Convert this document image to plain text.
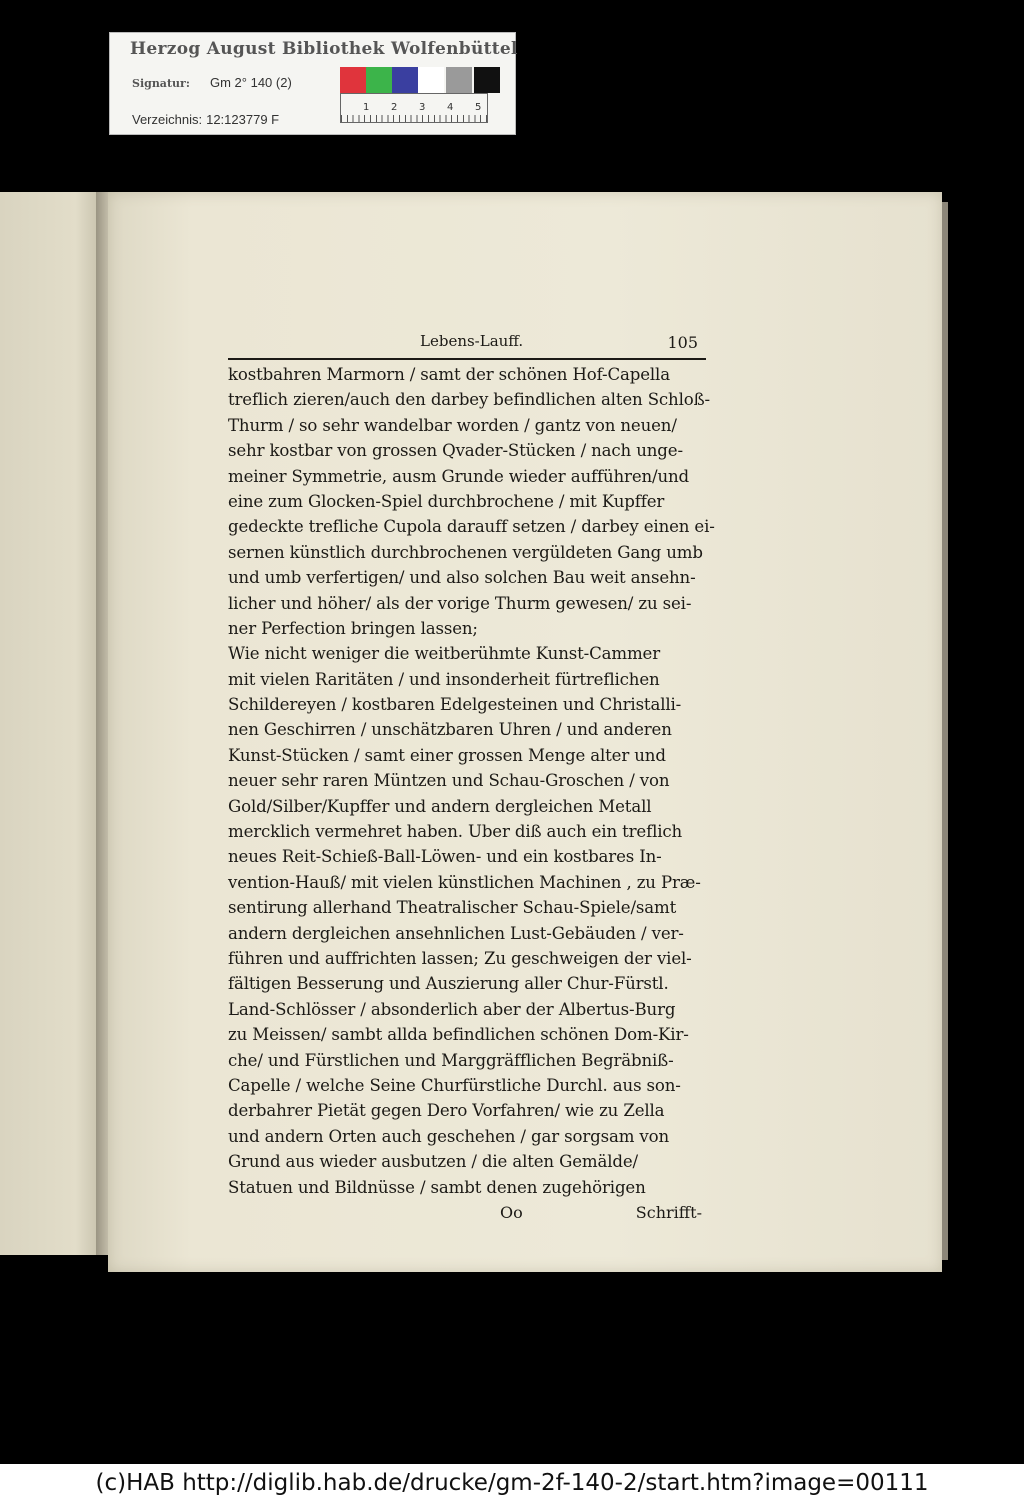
Herzog August Bibliothek Wolfenbüttel
Signatur: Gm 2° 140 (2)
Verzeichnis: 12:123779 F
1 2 3 4 5
Lebens-Lauff.	105
kostbahren Marmorn / samt der schönen Hof-Capella
treflich zieren/auch den darbey befindlichen alten Schloß-
Thurm / so sehr wandelbar worden / gantz von neuen/
sehr kostbar von grossen Qvader-Stücken / nach unge-
meiner Symmetrie, ausm Grunde wieder aufführen/und
eine zum Glocken-Spiel durchbrochene / mit Kupffer
gedeckte trefliche Cupola darauff setzen / darbey einen ei-
sernen künstlich durchbrochenen vergüldeten Gang umb
und umb verfertigen/ und also solchen Bau weit ansehn-
licher und höher/ als der vorige Thurm gewesen/ zu sei-
ner Perfection bringen lassen;
Wie nicht weniger die weitberühmte Kunst-Cammer
mit vielen Raritäten / und insonderheit fürtreflichen
Schildereyen / kostbaren Edelgesteinen und Christalli-
nen Geschirren / unschätzbaren Uhren / und anderen
Kunst-Stücken / samt einer grossen Menge alter und
neuer sehr raren Müntzen und Schau-Groschen / von
Gold/Silber/Kupffer und andern dergleichen Metall
mercklich vermehret haben. Uber diß auch ein treflich
neues Reit-Schieß-Ball-Löwen- und ein kostbares In-
vention-Hauß/ mit vielen künstlichen Machinen , zu Præ-
sentirung allerhand Theatralischer Schau-Spiele/samt
andern dergleichen ansehnlichen Lust-Gebäuden / ver-
führen und auffrichten lassen; Zu geschweigen der viel-
fältigen Besserung und Auszierung aller Chur-Fürstl.
Land-Schlösser / absonderlich aber der Albertus-Burg
zu Meissen/ sambt allda befindlichen schönen Dom-Kir-
che/ und Fürstlichen und Marggräfflichen Begräbniß-
Capelle / welche Seine Churfürstliche Durchl. aus son-
derbahrer Pietät gegen Dero Vorfahren/ wie zu Zella
und andern Orten auch geschehen / gar sorgsam von
Grund aus wieder ausbutzen / die alten Gemälde/
Statuen und Bildnüsse / sambt denen zugehörigen
Oo	Schrifft-
(c)HAB http://diglib.hab.de/drucke/gm-2f-140-2/start.htm?image=00111
